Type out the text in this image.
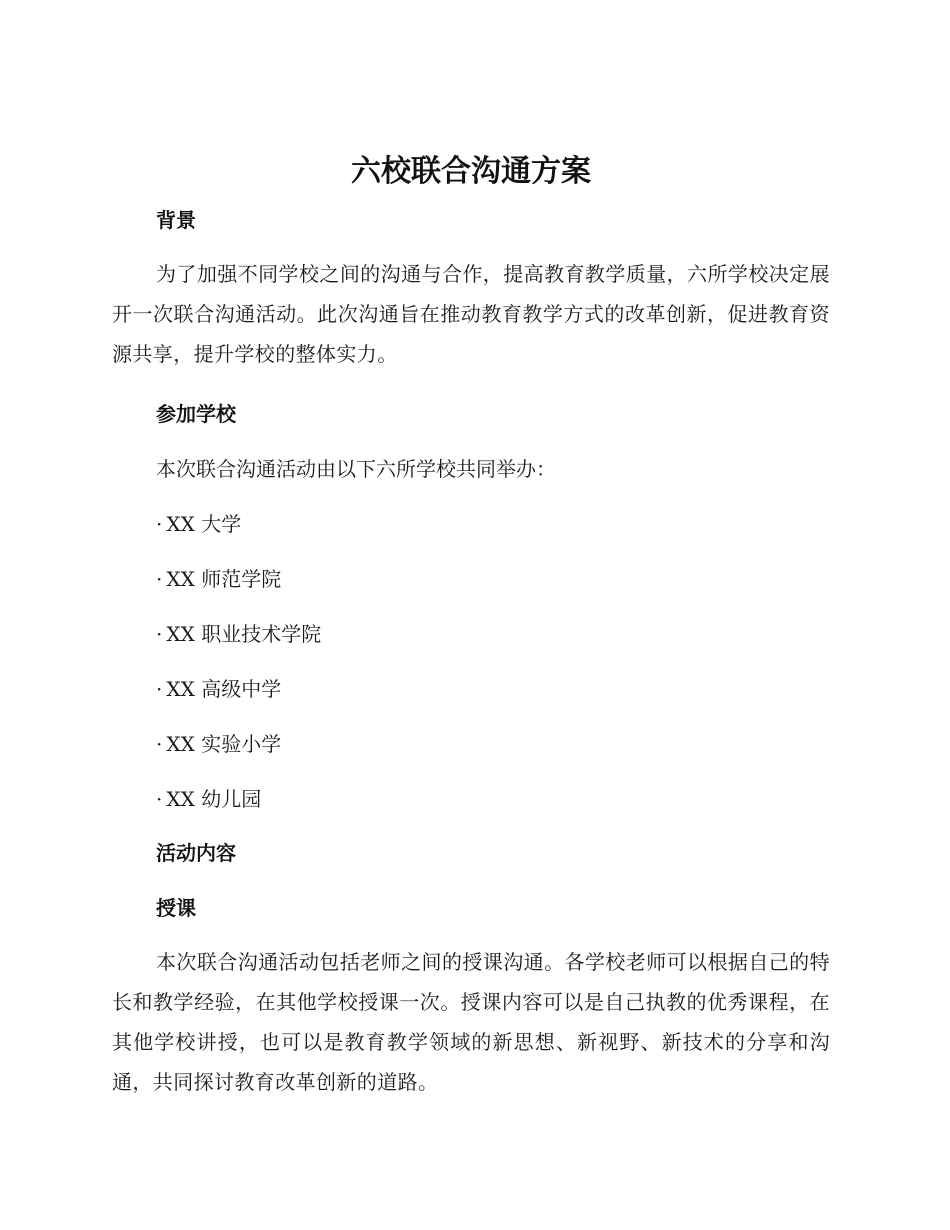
六校联合沟通方案
背景

为了加强不同学校之间的沟通与合作，提高教育教学质量，六所学校决定展开一次联合沟通活动。此次沟通旨在推动教育教学方式的改革创新，促进教育资源共享，提升学校的整体实力。

参加学校

本次联合沟通活动由以下六所学校共同举办：

· XX 大学

· XX 师范学院

· XX 职业技术学院

· XX 高级中学

· XX 实验小学

· XX 幼儿园

活动内容
授课

本次联合沟通活动包括老师之间的授课沟通。各学校老师可以根据自己的特长和教学经验，在其他学校授课一次。授课内容可以是自己执教的优秀课程，在其他学校讲授，也可以是教育教学领域的新思想、新视野、新技术的分享和沟通，共同探讨教育改革创新的道路。
